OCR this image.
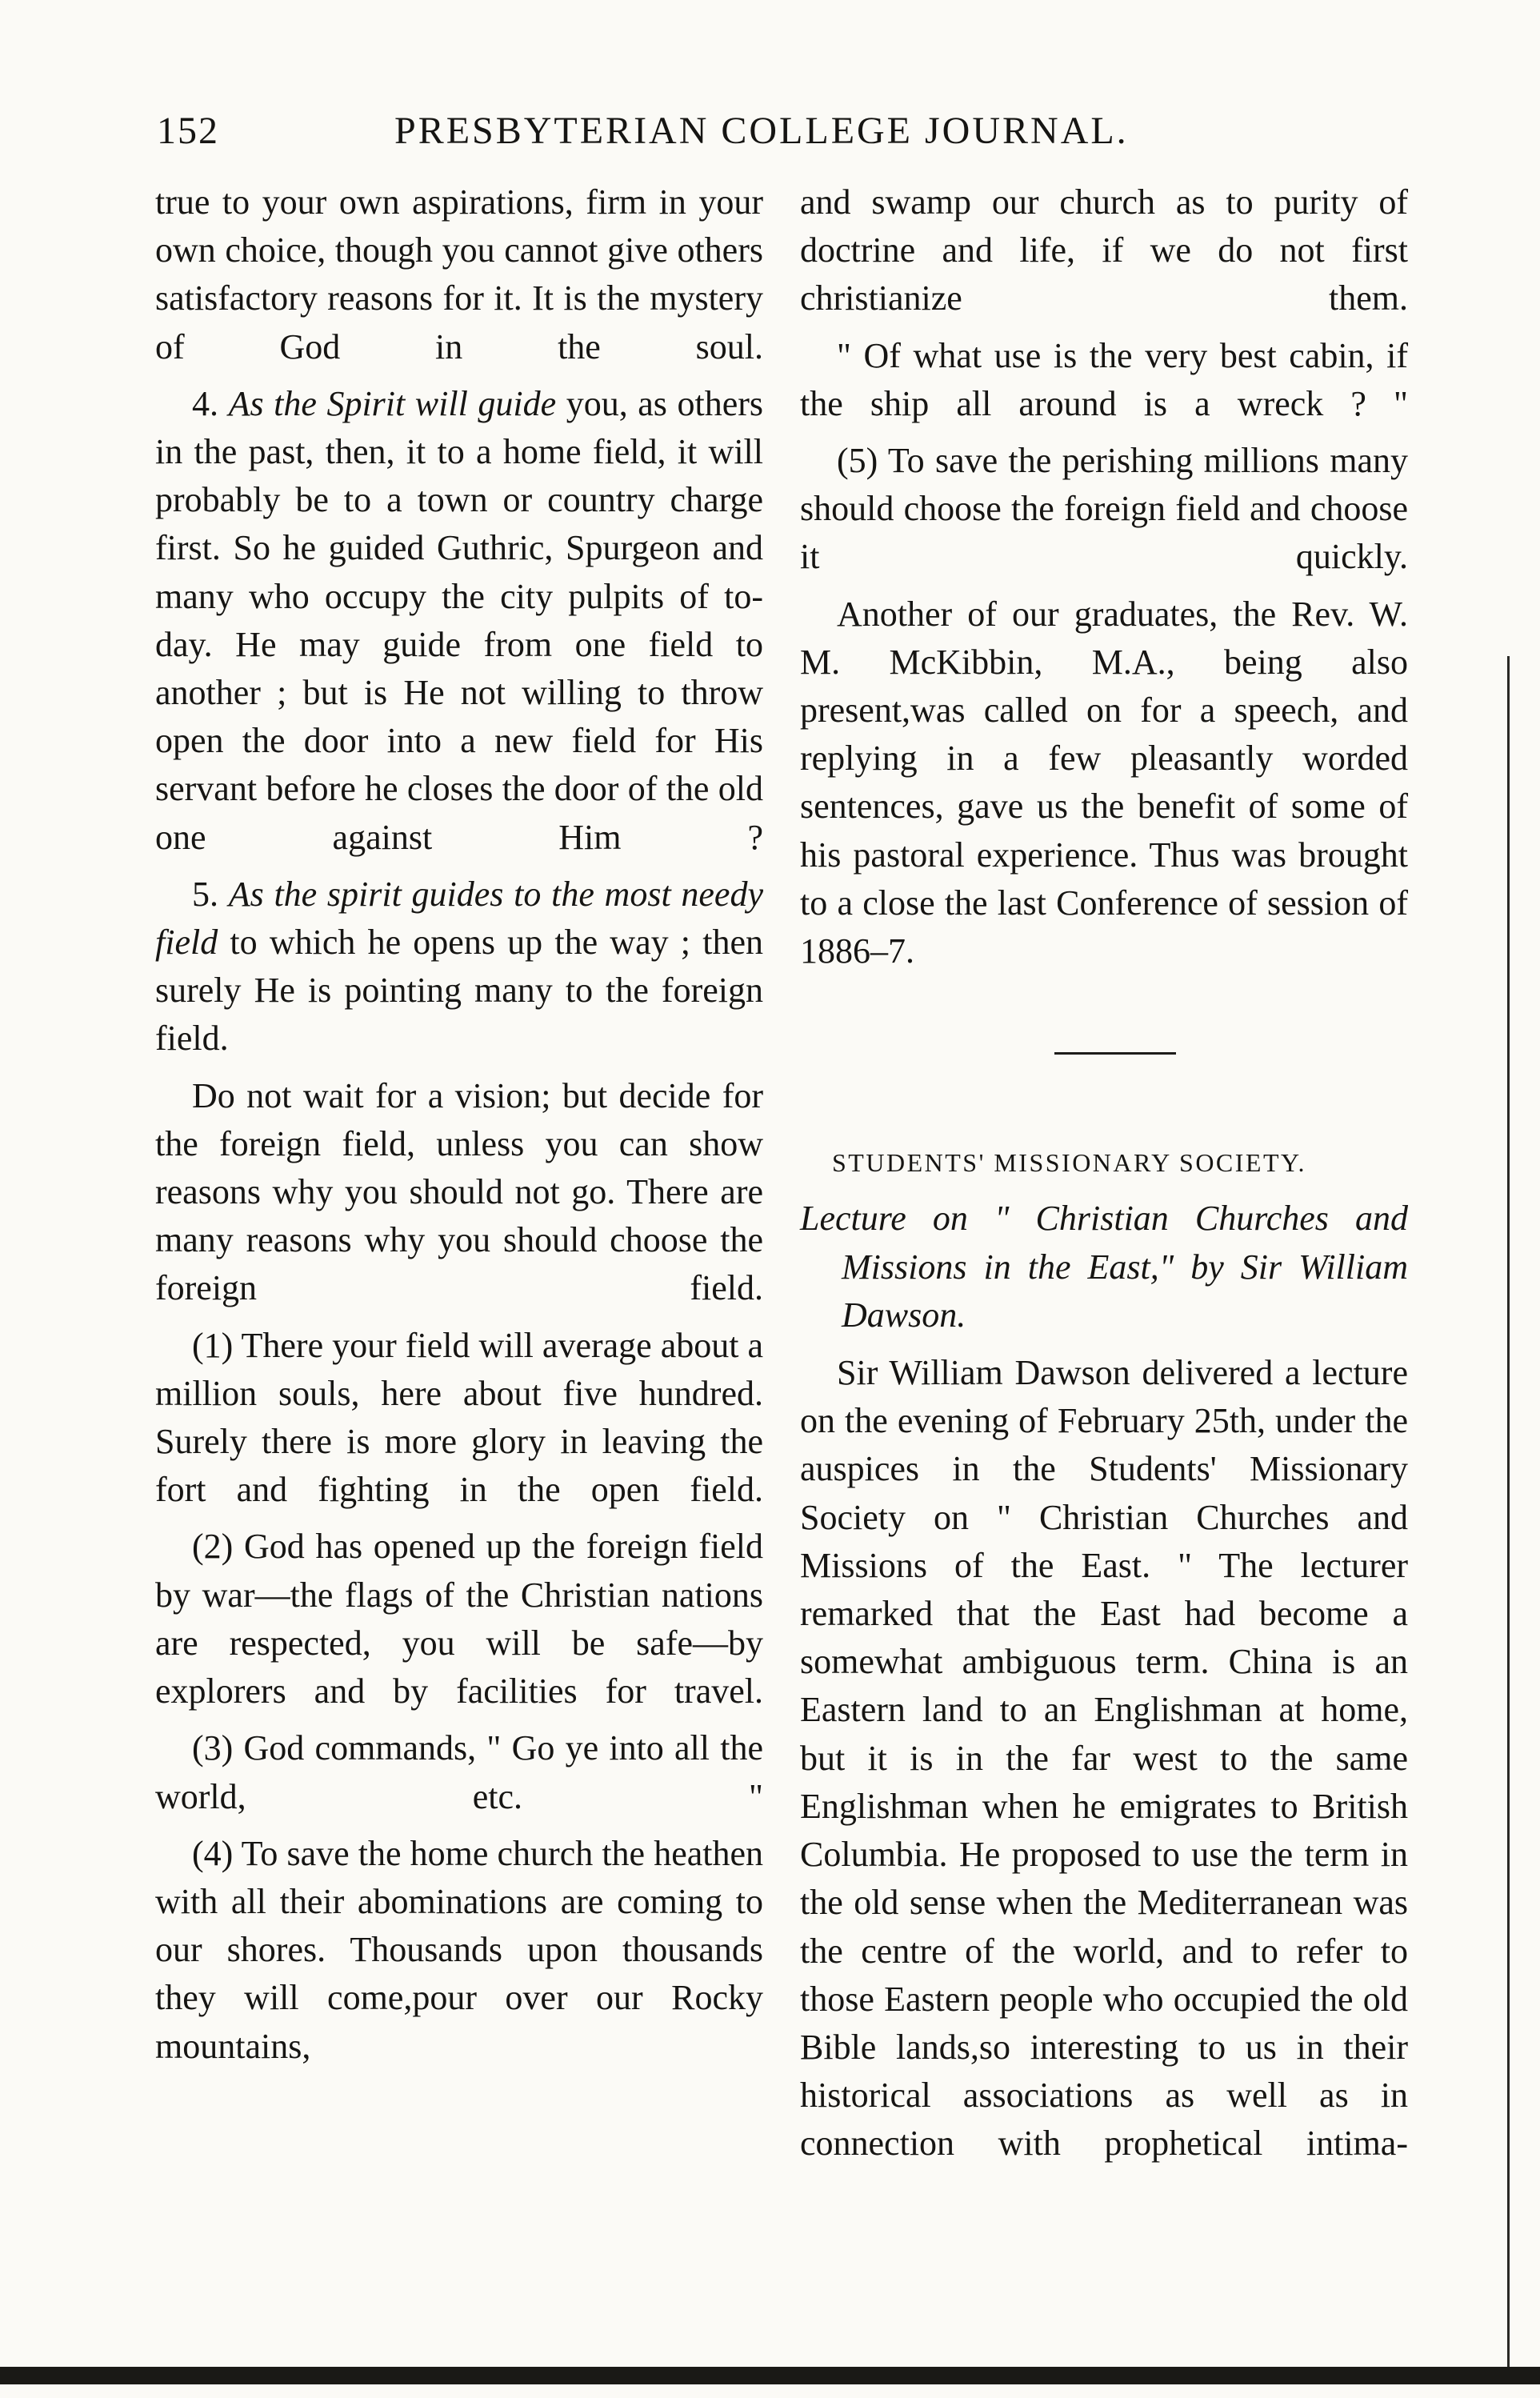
152	PRESBYTERIAN COLLEGE JOURNAL.

true to your own aspirations, firm in your own choice, though you cannot give others satisfactory reasons for it. It is the mystery of God in the soul.

4. As the Spirit will guide you, as others in the past, then, it to a home field, it will probably be to a town or country charge first. So he guided Guthric, Spurgeon and many who occupy the city pulpits of to-day. He may guide from one field to another ; but is He not willing to throw open the door into a new field for His servant before he closes the door of the old one against Him ?

5. As the spirit guides to the most needy field to which he opens up the way ; then surely He is pointing many to the foreign field.

Do not wait for a vision; but decide for the foreign field, unless you can show reasons why you should not go. There are many reasons why you should choose the foreign field.

(1) There your field will average about a million souls, here about five hundred. Surely there is more glory in leaving the fort and fighting in the open field.

(2) God has opened up the foreign field by war—the flags of the Christian nations are respected, you will be safe—by explorers and by facilities for travel.

(3) God commands, " Go ye into all the world, etc. "

(4) To save the home church the heathen with all their abominations are coming to our shores. Thousands upon thousands they will come,pour over our Rocky mountains,

and swamp our church as to purity of doctrine and life, if we do not first christianize them.

" Of what use is the very best cabin, if the ship all around is a wreck ? "

(5) To save the perishing millions many should choose the foreign field and choose it quickly.

Another of our graduates, the Rev. W. M. McKibbin, M.A., being also present,was called on for a speech, and replying in a few pleasantly worded sentences, gave us the benefit of some of his pastoral experience. Thus was brought to a close the last Conference of session of 1886–7.

STUDENTS' MISSIONARY SOCIETY.

Lecture on " Christian Churches and Missions in the East," by Sir William Dawson.

Sir William Dawson delivered a lecture on the evening of February 25th, under the auspices in the Students' Missionary Society on " Christian Churches and Missions of the East. " The lecturer remarked that the East had become a somewhat ambiguous term. China is an Eastern land to an Englishman at home, but it is in the far west to the same Englishman when he emigrates to British Columbia. He proposed to use the term in the old sense when the Mediterranean was the centre of the world, and to refer to those Eastern people who occupied the old Bible lands,so interesting to us in their historical associations as well as in connection with prophetical intima-
